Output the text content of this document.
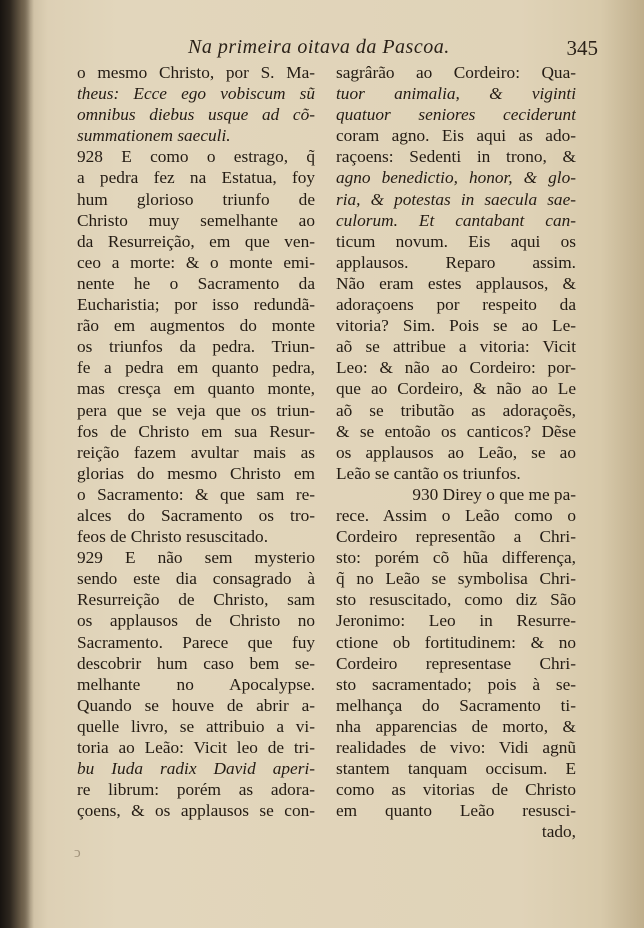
Na primeira oitava da Pascoa.	345
o mesmo Christo, por S. Ma-
theus: Ecce ego vobiscum sũ
omnibus diebus usque ad cõ-
summationem saeculi.
928 E como o estrago, q̃
a pedra fez na Estatua, foy
hum glorioso triunfo de
Christo muy semelhante ao
da Resurreição, em que ven-
ceo a morte: & o monte emi-
nente he o Sacramento da
Eucharistia; por isso redundã-
rão em augmentos do monte
os triunfos da pedra. Triun-
fe a pedra em quanto pedra,
mas cresça em quanto monte,
pera que se veja que os triun-
fos de Christo em sua Resur-
reição fazem avultar mais as
glorias do mesmo Christo em
o Sacramento: & que sam re-
alces do Sacramento os tro-
feos de Christo resuscitado.
929 E não sem mysterio
sendo este dia consagrado à
Resurreição de Christo, sam
os applausos de Christo no
Sacramento. Parece que fuy
descobrir hum caso bem se-
melhante no Apocalypse.
Quando se houve de abrir a-
quelle livro, se attribuio a vi-
toria ao Leão: Vicit leo de tri-
bu Iuda radix David aperi-
re librum: porém as adora-
çoens, & os applausos se con-
sagrârão ao Cordeiro: Qua-
tuor animalia, & viginti
quatuor seniores ceciderunt
coram agno. Eis aqui as ado-
raçoens: Sedenti in trono, &
agno benedictio, honor, & glo-
ria, & potestas in saecula sae-
culorum. Et cantabant can-
ticum novum. Eis aqui os
applausos. Reparo assim.
Não eram estes applausos, &
adoraçoens por respeito da
vitoria? Sim. Pois se ao Le-
aõ se attribue a vitoria: Vicit
Leo: & não ao Cordeiro: por-
que ao Cordeiro, & não ao Le
aõ se tributão as adoraçoẽs,
& se entoão os canticos? Dẽse
os applausos ao Leão, se ao
Leão se cantão os triunfos.
930 Direy o que me pa-
rece. Assim o Leão como o
Cordeiro representão a Chri-
sto: porém cõ hũa differença,
q̃ no Leão se symbolisa Chri-
sto resuscitado, como diz São
Jeronimo: Leo in Resurre-
ctione ob fortitudinem: & no
Cordeiro representase Chri-
sto sacramentado; pois à se-
melhança do Sacramento ti-
nha apparencias de morto, &
realidades de vivo: Vidi agnũ
stantem tanquam occisum. E
como as vitorias de Christo
em quanto Leão resusci-
tado,
ͻ
